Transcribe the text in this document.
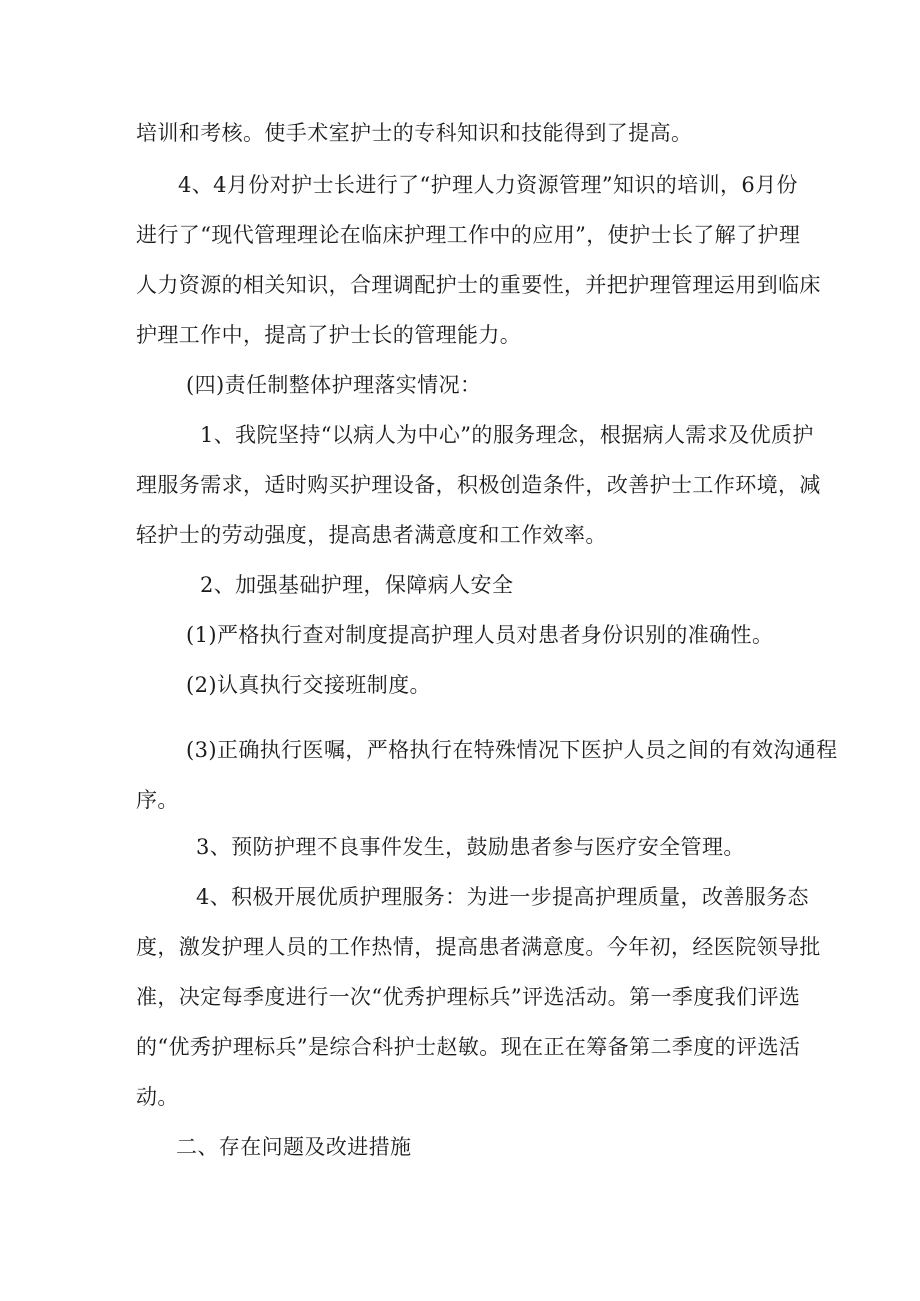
培训和考核。使手术室护士的专科知识和技能得到了提高。

4、4月份对护士长进行了“护理人力资源管理”知识的培训，6月份

进行了“现代管理理论在临床护理工作中的应用”，使护士长了解了护理

人力资源的相关知识，合理调配护士的重要性，并把护理管理运用到临床

护理工作中，提高了护士长的管理能力。

(四)责任制整体护理落实情况：

1、我院坚持“以病人为中心”的服务理念，根据病人需求及优质护

理服务需求，适时购买护理设备，积极创造条件，改善护士工作环境，减

轻护士的劳动强度，提高患者满意度和工作效率。

2、加强基础护理，保障病人安全

(1)严格执行查对制度提高护理人员对患者身份识别的准确性。

(2)认真执行交接班制度。

(3)正确执行医嘱，严格执行在特殊情况下医护人员之间的有效沟通程

序。

3、预防护理不良事件发生，鼓励患者参与医疗安全管理。

4、积极开展优质护理服务：为进一步提高护理质量，改善服务态

度，激发护理人员的工作热情，提高患者满意度。今年初，经医院领导批

准，决定每季度进行一次“优秀护理标兵”评选活动。第一季度我们评选

的“优秀护理标兵”是综合科护士赵敏。现在正在筹备第二季度的评选活

动。

二、存在问题及改进措施
